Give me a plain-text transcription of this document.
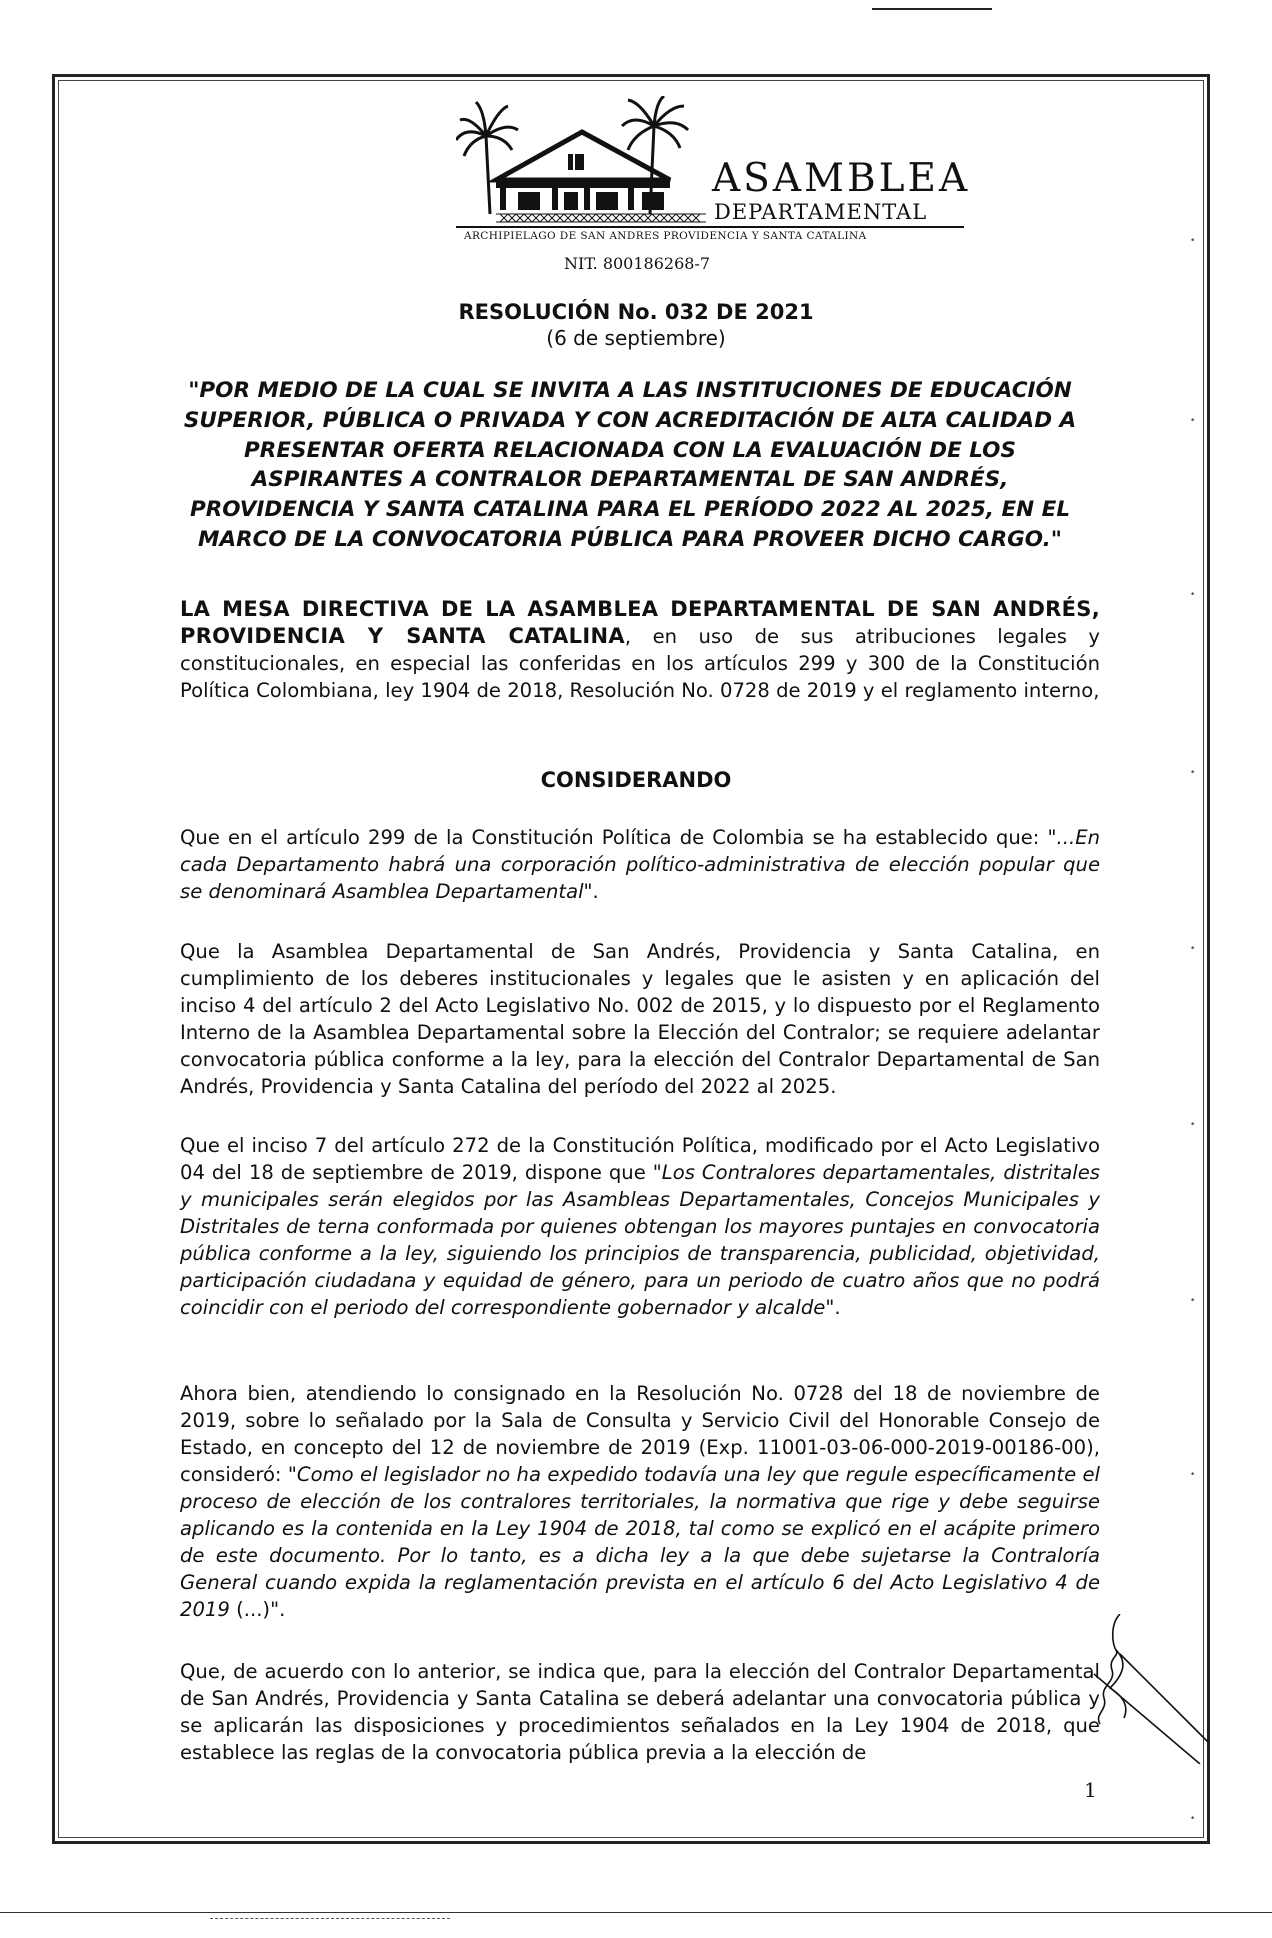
ASAMBLEA
DEPARTAMENTAL
ARCHIPIELAGO DE SAN ANDRES PROVIDENCIA Y SANTA CATALINA
NIT. 800186268-7
RESOLUCIÓN No. 032 DE 2021
(6 de septiembre)
"POR MEDIO DE LA CUAL SE INVITA A LAS INSTITUCIONES DE EDUCACIÓN SUPERIOR, PÚBLICA O PRIVADA Y CON ACREDITACIÓN DE ALTA CALIDAD A PRESENTAR OFERTA RELACIONADA CON LA EVALUACIÓN DE LOS ASPIRANTES A CONTRALOR DEPARTAMENTAL DE SAN ANDRÉS, PROVIDENCIA Y SANTA CATALINA PARA EL PERÍODO 2022 AL 2025, EN EL MARCO DE LA CONVOCATORIA PÚBLICA PARA PROVEER DICHO CARGO."
LA MESA DIRECTIVA DE LA ASAMBLEA DEPARTAMENTAL DE SAN ANDRÉS, PROVIDENCIA Y SANTA CATALINA, en uso de sus atribuciones legales y constitucionales, en especial las conferidas en los artículos 299 y 300 de la Constitución Política Colombiana, ley 1904 de 2018, Resolución No. 0728 de 2019 y el reglamento interno,
CONSIDERANDO
Que en el artículo 299 de la Constitución Política de Colombia se ha establecido que: "...En cada Departamento habrá una corporación político-administrativa de elección popular que se denominará Asamblea Departamental".
Que la Asamblea Departamental de San Andrés, Providencia y Santa Catalina, en cumplimiento de los deberes institucionales y legales que le asisten y en aplicación del inciso 4 del artículo 2 del Acto Legislativo No. 002 de 2015, y lo dispuesto por el Reglamento Interno de la Asamblea Departamental sobre la Elección del Contralor; se requiere adelantar convocatoria pública conforme a la ley, para la elección del Contralor Departamental de San Andrés, Providencia y Santa Catalina del período del 2022 al 2025.
Que el inciso 7 del artículo 272 de la Constitución Política, modificado por el Acto Legislativo 04 del 18 de septiembre de 2019, dispone que "Los Contralores departamentales, distritales y municipales serán elegidos por las Asambleas Departamentales, Concejos Municipales y Distritales de terna conformada por quienes obtengan los mayores puntajes en convocatoria pública conforme a la ley, siguiendo los principios de transparencia, publicidad, objetividad, participación ciudadana y equidad de género, para un periodo de cuatro años que no podrá coincidir con el periodo del correspondiente gobernador y alcalde".
Ahora bien, atendiendo lo consignado en la Resolución No. 0728 del 18 de noviembre de 2019, sobre lo señalado por la Sala de Consulta y Servicio Civil del Honorable Consejo de Estado, en concepto del 12 de noviembre de 2019 (Exp. 11001-03-06-000-2019-00186-00), consideró: "Como el legislador no ha expedido todavía una ley que regule específicamente el proceso de elección de los contralores territoriales, la normativa que rige y debe seguirse aplicando es la contenida en la Ley 1904 de 2018, tal como se explicó en el acápite primero de este documento. Por lo tanto, es a dicha ley a la que debe sujetarse la Contraloría General cuando expida la reglamentación prevista en el artículo 6 del Acto Legislativo 4 de 2019 (...)".
Que, de acuerdo con lo anterior, se indica que, para la elección del Contralor Departamental de San Andrés, Providencia y Santa Catalina se deberá adelantar una convocatoria pública y se aplicarán las disposiciones y procedimientos señalados en la Ley 1904 de 2018, que establece las reglas de la convocatoria pública previa a la elección de
1
•
•
•
•
•
•
•
•
•
